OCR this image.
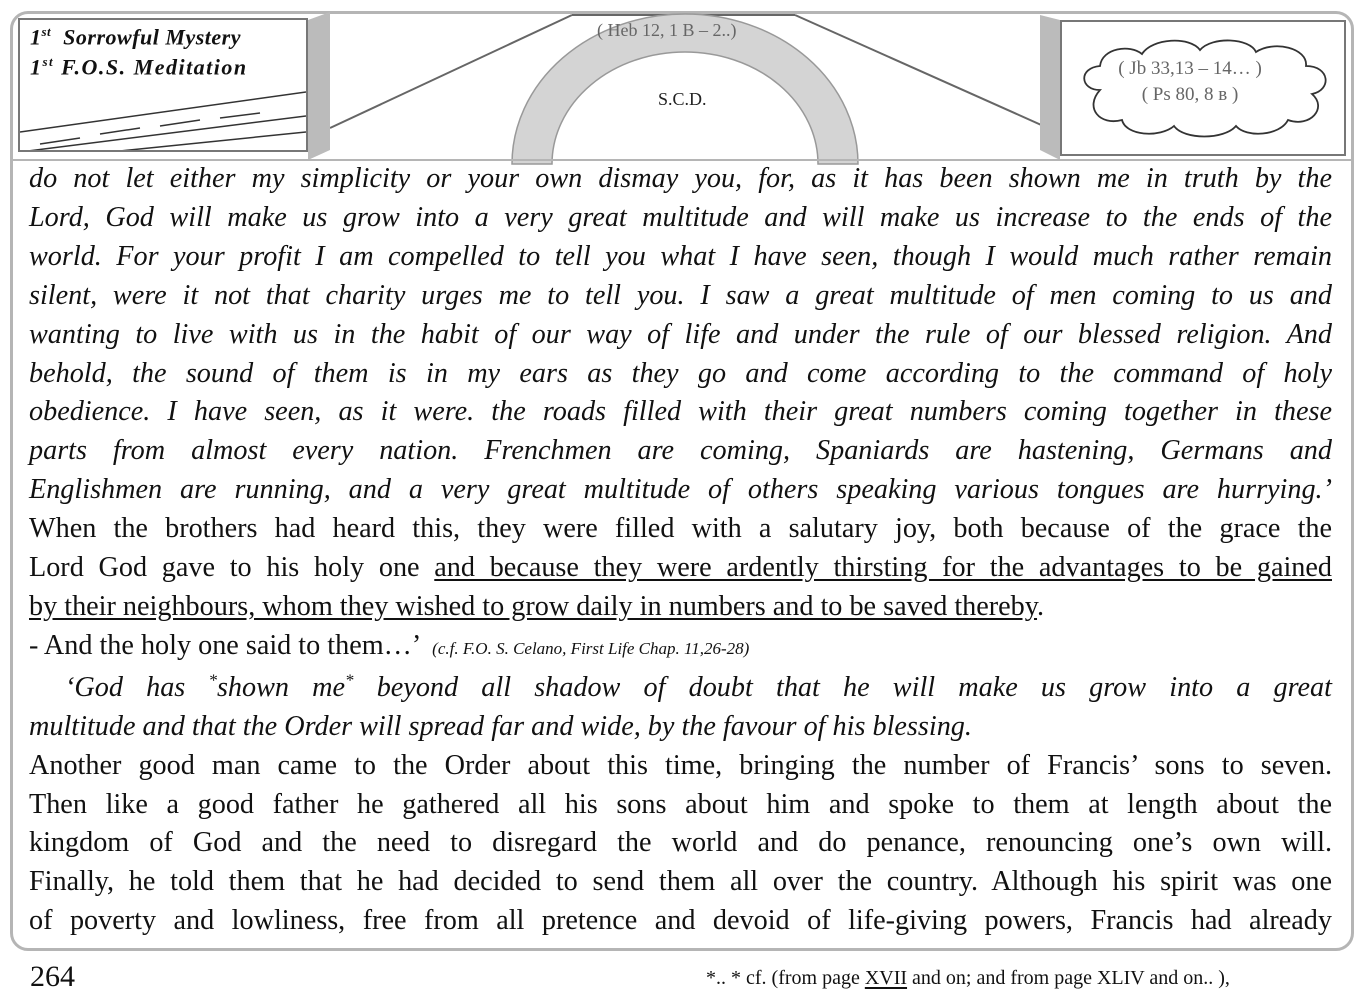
1st Sorrowful Mystery
1st F.O.S. Meditation
( Heb 12, 1 B – 2..)
S.C.D.
( Jb 33,13 – 14… )
( Ps 80, 8 в )
do not let either my simplicity or your own dismay you, for, as it has been shown me in truth by the
Lord, God will make us grow into a very great multitude and will make us increase to the ends of the
world. For your profit I am compelled to tell you what I have seen, though I would much rather remain
silent, were it not that charity urges me to tell you. I saw a great multitude of men coming to us and
wanting to live with us in the habit of our way of life and under the rule of our blessed religion. And
behold, the sound of them is in my ears as they go and come according to the command of holy
obedience. I have seen, as it were. the roads filled with their great numbers coming together in these
parts from almost every nation. Frenchmen are coming, Spaniards are hastening, Germans and
Englishmen are running, and a very great multitude of others speaking various tongues are hurrying.’
When the brothers had heard this, they were filled with a salutary joy, both because of the grace the
Lord God gave to his holy one and because they were ardently thirsting for the advantages to be gained
by their neighbours, whom they wished to grow daily in numbers and to be saved thereby.
- And the holy one said to them…’ (c.f. F.O. S. Celano, First Life Chap. 11,26-28)
‘God has *shown me* beyond all shadow of doubt that he will make us grow into a great
multitude and that the Order will spread far and wide, by the favour of his blessing.
Another good man came to the Order about this time, bringing the number of Francis’ sons to seven.
Then like a good father he gathered all his sons about him and spoke to them at length about the
kingdom of God and the need to disregard the world and do penance, renouncing one’s own will.
Finally, he told them that he had decided to send them all over the country. Although his spirit was one
of poverty and lowliness, free from all pretence and devoid of life-giving powers, Francis had already
264	*.. * cf. (from page XVII and on; and from page XLIV and on.. ),
